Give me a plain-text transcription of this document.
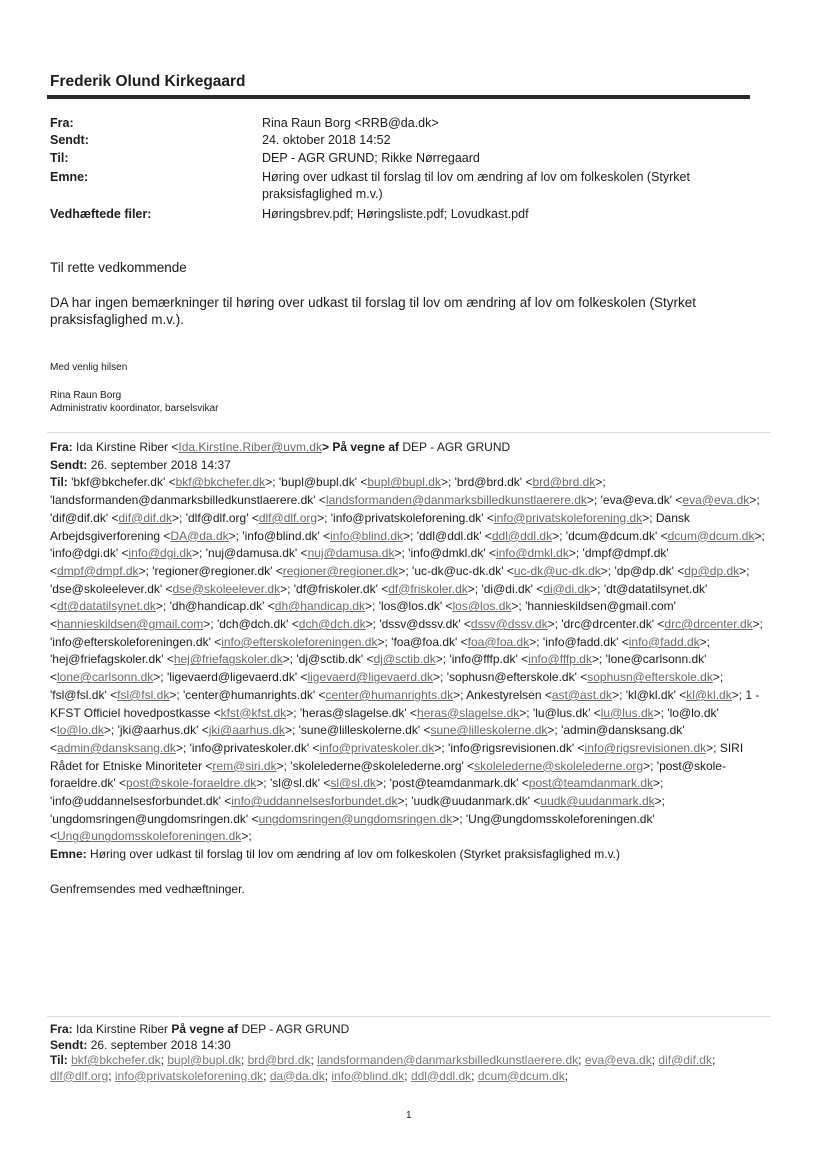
Frederik Olund Kirkegaard
Fra:	Rina Raun Borg <RRB@da.dk>
Sendt:	24. oktober 2018 14:52
Til:	DEP - AGR GRUND; Rikke Nørregaard
Emne:	Høring over udkast til forslag til lov om ændring af lov om folkeskolen (Styrket praksisfaglighed m.v.)
Vedhæftede filer:	Høringsbrev.pdf; Høringsliste.pdf; Lovudkast.pdf
Til rette vedkommende
DA har ingen bemærkninger til høring over udkast til forslag til lov om ændring af lov om folkeskolen (Styrket praksisfaglighed m.v.).
Med venlig hilsen
Rina Raun Borg
Administrativ koordinator, barselsvikar
Fra: Ida Kirstine Riber <Ida.KirstIne.Riber@uvm.dk> På vegne af DEP - AGR GRUND
Sendt: 26. september 2018 14:37
Til: 'bkf@bkchefer.dk' <bkf@bkchefer.dk>; 'bupl@bupl.dk' <bupl@bupl.dk>; 'brd@brd.dk' <brd@brd.dk>; 'landsformanden@danmarksbilledkunstlaerere.dk' <landsformanden@danmarksbilledkunstlaerere.dk>; 'eva@eva.dk' <eva@eva.dk>; 'dif@dif.dk' <dif@dif.dk>; 'dlf@dlf.org' <dlf@dlf.org>; 'info@privatskoleforening.dk' <info@privatskoleforening.dk>; Dansk Arbejdsgiverforening <DA@da.dk>; 'info@blind.dk' <info@blind.dk>; 'ddl@ddl.dk' <ddl@ddl.dk>; 'dcum@dcum.dk' <dcum@dcum.dk>; 'info@dgi.dk' <info@dgi.dk>; 'nuj@damusa.dk' <nuj@damusa.dk>; 'info@dmkl.dk' <info@dmkl.dk>; 'dmpf@dmpf.dk' <dmpf@dmpf.dk>; 'regioner@regioner.dk' <regioner@regioner.dk>; 'uc-dk@uc-dk.dk' <uc-dk@uc-dk.dk>; 'dp@dp.dk' <dp@dp.dk>; 'dse@skoleelever.dk' <dse@skoleelever.dk>; 'df@friskoler.dk' <df@friskoler.dk>; 'di@di.dk' <di@di.dk>; 'dt@datatilsynet.dk' <dt@datatilsynet.dk>; 'dh@handicap.dk' <dh@handicap.dk>; 'los@los.dk' <los@los.dk>; 'hannieskildsen@gmail.com' <hannieskildsen@gmail.com>; 'dch@dch.dk' <dch@dch.dk>; 'dssv@dssv.dk' <dssv@dssv.dk>; 'drc@drcenter.dk' <drc@drcenter.dk>; 'info@efterskoleforeningen.dk' <info@efterskoleforeningen.dk>; 'foa@foa.dk' <foa@foa.dk>; 'info@fadd.dk' <info@fadd.dk>; 'hej@friefagskoler.dk' <hej@friefagskoler.dk>; 'dj@sctib.dk' <dj@sctib.dk>; 'info@fffp.dk' <info@fffp.dk>; 'lone@carlsonn.dk' <lone@carlsonn.dk>; 'ligevaerd@ligevaerd.dk' <ligevaerd@ligevaerd.dk>; 'sophusn@efterskole.dk' <sophusn@efterskole.dk>; 'fsl@fsl.dk' <fsl@fsl.dk>; 'center@humanrights.dk' <center@humanrights.dk>; Ankestyrelsen <ast@ast.dk>; 'kl@kl.dk' <kl@kl.dk>; 1 - KFST Officiel hovedpostkasse <kfst@kfst.dk>; 'heras@slagelse.dk' <heras@slagelse.dk>; 'lu@lus.dk' <lu@lus.dk>; 'lo@lo.dk' <lo@lo.dk>; 'jki@aarhus.dk' <jki@aarhus.dk>; 'sune@lilleskolerne.dk' <sune@lilleskolerne.dk>; 'admin@dansksang.dk' <admin@dansksang.dk>; 'info@privateskoler.dk' <info@privateskoler.dk>; 'info@rigsrevisionen.dk' <info@rigsrevisionen.dk>; SIRI Rådet for Etniske Minoriteter <rem@siri.dk>; 'skolelederne@skolelederne.org' <skolelederne@skolelederne.org>; 'post@skole-foraeldre.dk' <post@skole-foraeldre.dk>; 'sl@sl.dk' <sl@sl.dk>; 'post@teamdanmark.dk' <post@teamdanmark.dk>; 'info@uddannelsesforbundet.dk' <info@uddannelsesforbundet.dk>; 'uudk@uudanmark.dk' <uudk@uudanmark.dk>; 'ungdomsringen@ungdomsringen.dk' <ungdomsringen@ungdomsringen.dk>; 'Ung@ungdomsskoleforeningen.dk' <Ung@ungdomsskoleforeningen.dk>;
Emne: Høring over udkast til forslag til lov om ændring af lov om folkeskolen (Styrket praksisfaglighed m.v.)
Genfremsendes med vedhæftninger.
Fra: Ida Kirstine Riber På vegne af DEP - AGR GRUND
Sendt: 26. september 2018 14:30
Til: bkf@bkchefer.dk; bupl@bupl.dk; brd@brd.dk; landsformanden@danmarksbilledkunstlaerere.dk; eva@eva.dk; dif@dif.dk; dlf@dlf.org; info@privatskoleforening.dk; da@da.dk; info@blind.dk; ddl@ddl.dk; dcum@dcum.dk;
1
